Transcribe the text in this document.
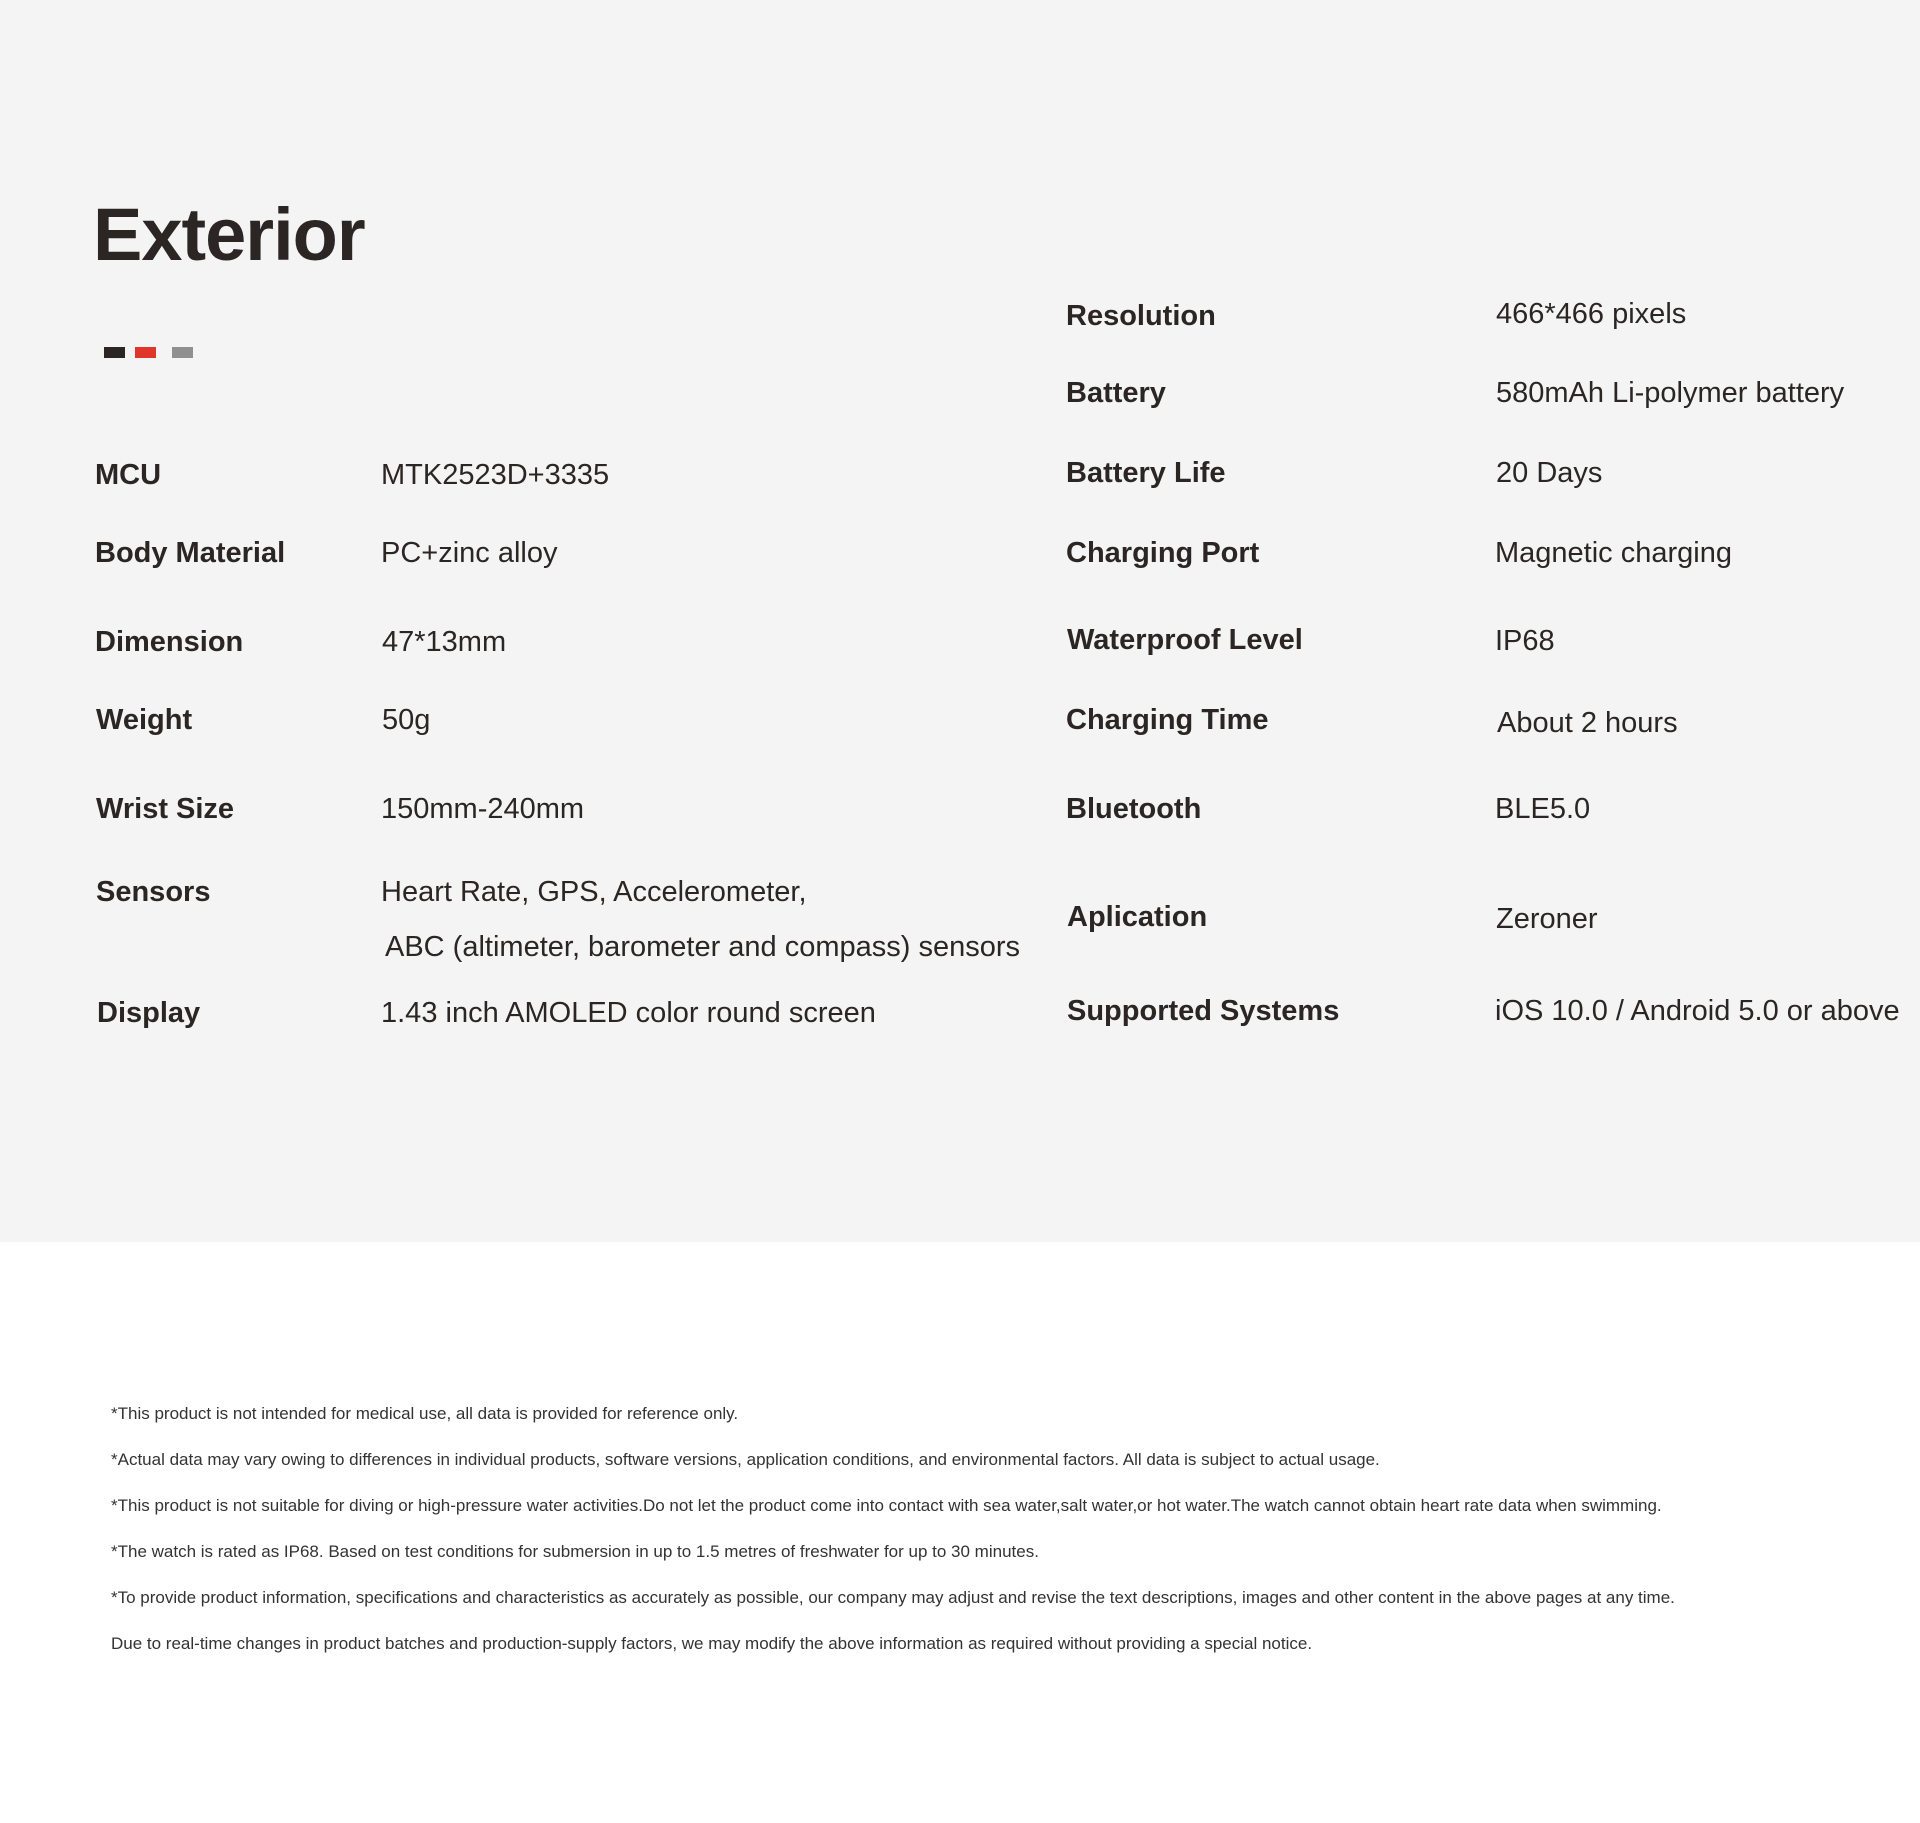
Exterior
MCU	MTK2523D+3335
Body Material	PC+zinc alloy
Dimension	47*13mm
Weight	50g
Wrist Size	150mm-240mm
Sensors	Heart Rate, GPS, Accelerometer,
ABC (altimeter, barometer and compass) sensors
Display	1.43 inch AMOLED color round screen
Resolution	466*466 pixels
Battery	580mAh Li-polymer battery
Battery Life	20 Days
Charging Port	Magnetic charging
Waterproof Level	IP68
Charging Time	About 2 hours
Bluetooth	BLE5.0
Aplication	Zeroner
Supported Systems	iOS 10.0 / Android 5.0 or above

*This product is not intended for medical use, all data is provided for reference only.

*Actual data may vary owing to differences in individual products, software versions, application conditions, and environmental factors. All data is subject to actual usage.

*This product is not suitable for diving or high-pressure water activities.Do not let the product come into contact with sea water,salt water,or hot water.The watch cannot obtain heart rate data when swimming.

*The watch is rated as IP68. Based on test conditions for submersion in up to 1.5 metres of freshwater for up to 30 minutes.

*To provide product information, specifications and characteristics as accurately as possible, our company may adjust and revise the text descriptions, images and other content in the above pages at any time.

Due to real-time changes in product batches and production-supply factors, we may modify the above information as required without providing a special notice.
